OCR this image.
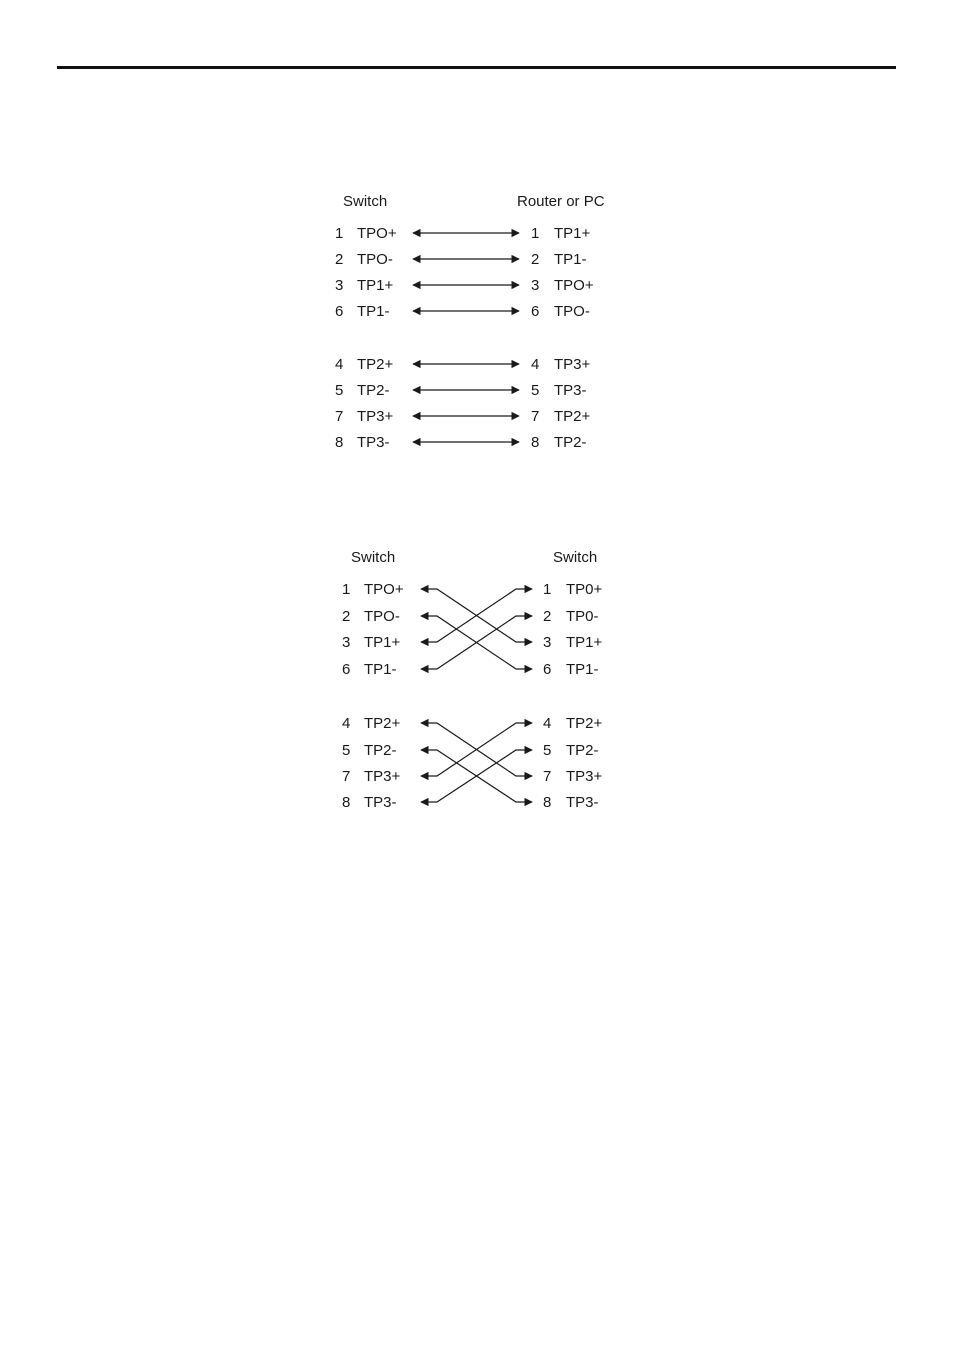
Switch	Router or PC
1 TPO+
2 TPO-
3 TP1+
6 TP1-
4 TP2+
5 TP2-
7 TP3+
8 TP3-
1 TP1+
2 TP1-
3 TPO+
6 TPO-
4 TP3+
5 TP3-
7 TP2+
8 TP2-
Switch	Switch
1 TPO+
2 TPO-
3 TP1+
6 TP1-
4 TP2+
5 TP2-
7 TP3+
8 TP3-
1 TP0+
2 TP0-
3 TP1+
6 TP1-
4 TP2+
5 TP2-
7 TP3+
8 TP3-
